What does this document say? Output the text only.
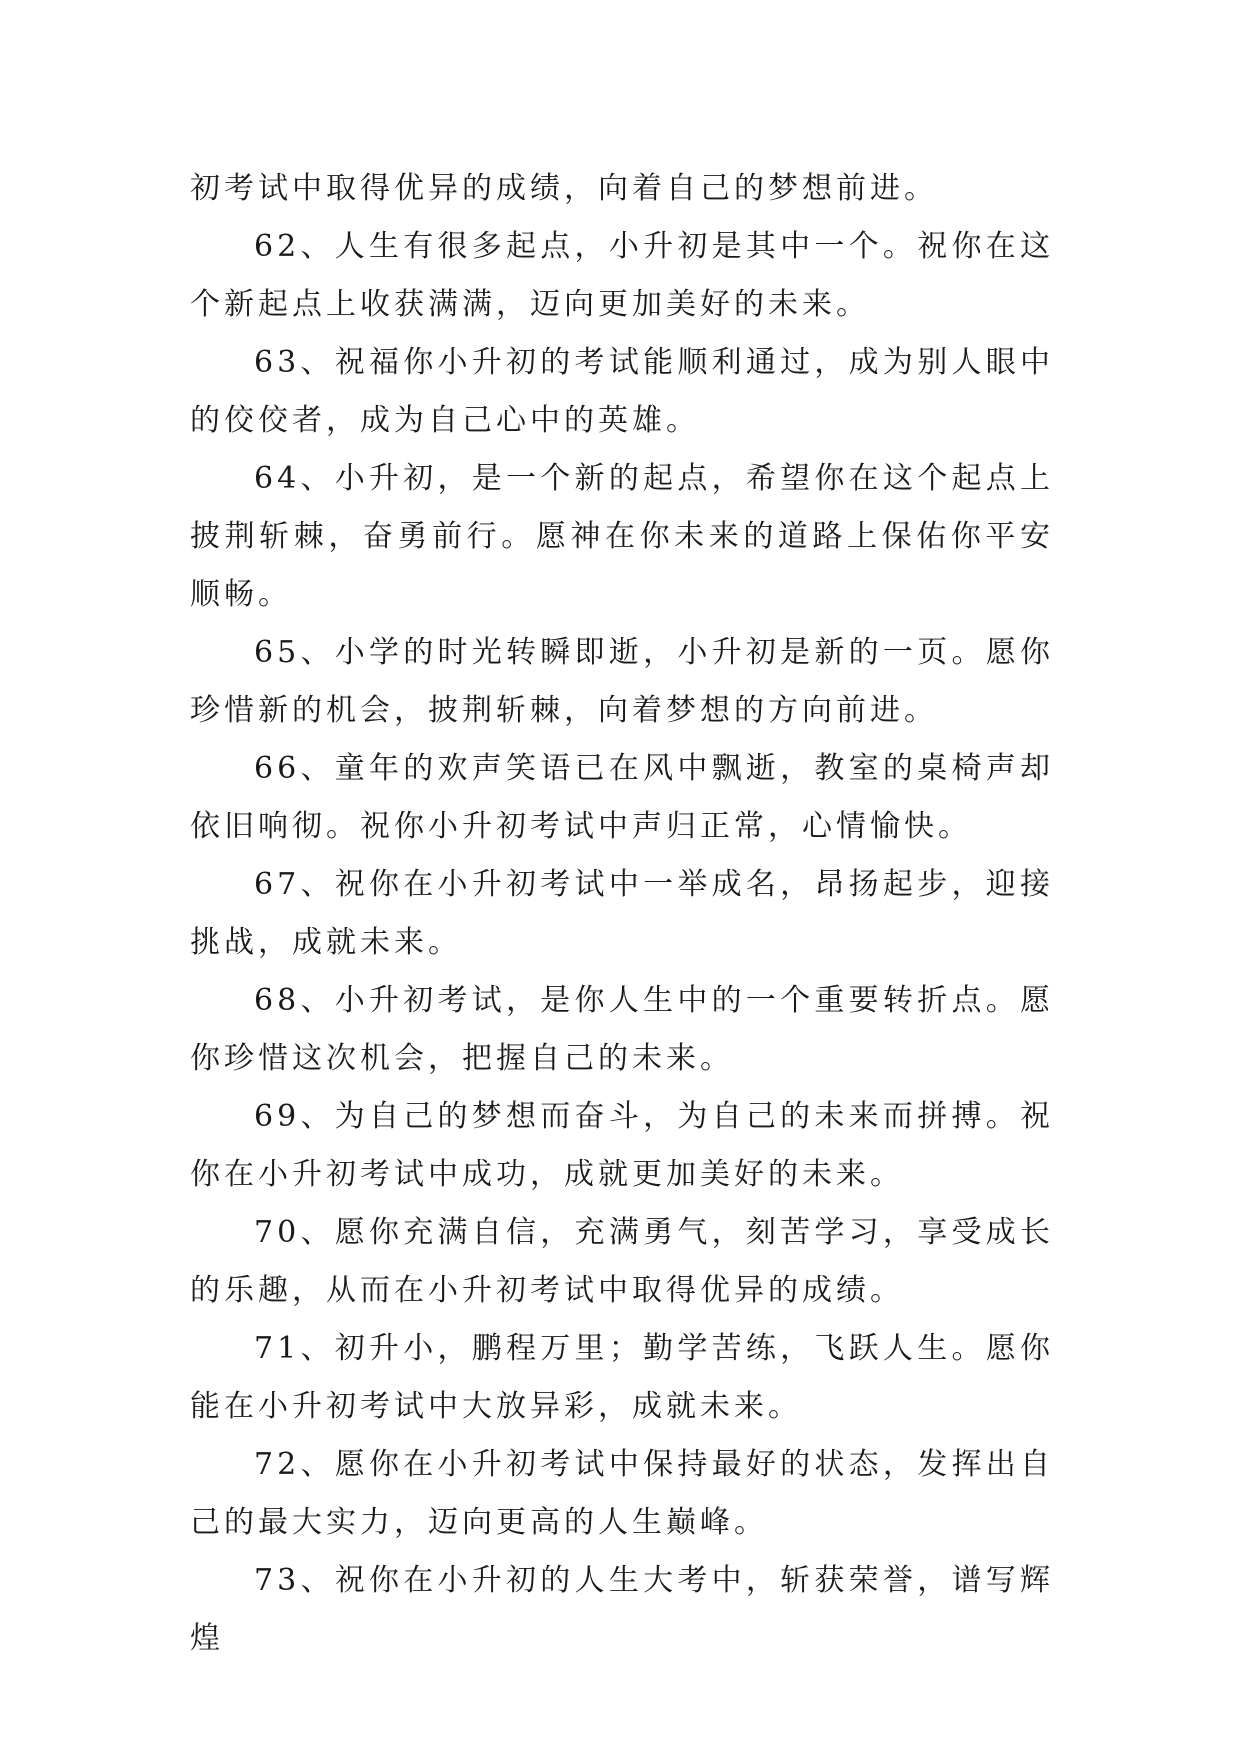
初考试中取得优异的成绩，向着自己的梦想前进。

62、人生有很多起点，小升初是其中一个。祝你在这个新起点上收获满满，迈向更加美好的未来。

63、祝福你小升初的考试能顺利通过，成为别人眼中的佼佼者，成为自己心中的英雄。

64、小升初，是一个新的起点，希望你在这个起点上披荆斩棘，奋勇前行。愿神在你未来的道路上保佑你平安顺畅。

65、小学的时光转瞬即逝，小升初是新的一页。愿你珍惜新的机会，披荆斩棘，向着梦想的方向前进。

66、童年的欢声笑语已在风中飘逝，教室的桌椅声却依旧响彻。祝你小升初考试中声归正常，心情愉快。

67、祝你在小升初考试中一举成名，昂扬起步，迎接挑战，成就未来。

68、小升初考试，是你人生中的一个重要转折点。愿你珍惜这次机会，把握自己的未来。

69、为自己的梦想而奋斗，为自己的未来而拼搏。祝你在小升初考试中成功，成就更加美好的未来。

70、愿你充满自信，充满勇气，刻苦学习，享受成长的乐趣，从而在小升初考试中取得优异的成绩。

71、初升小，鹏程万里；勤学苦练，飞跃人生。愿你能在小升初考试中大放异彩，成就未来。

72、愿你在小升初考试中保持最好的状态，发挥出自己的最大实力，迈向更高的人生巅峰。

73、祝你在小升初的人生大考中，斩获荣誉，谱写辉煌
